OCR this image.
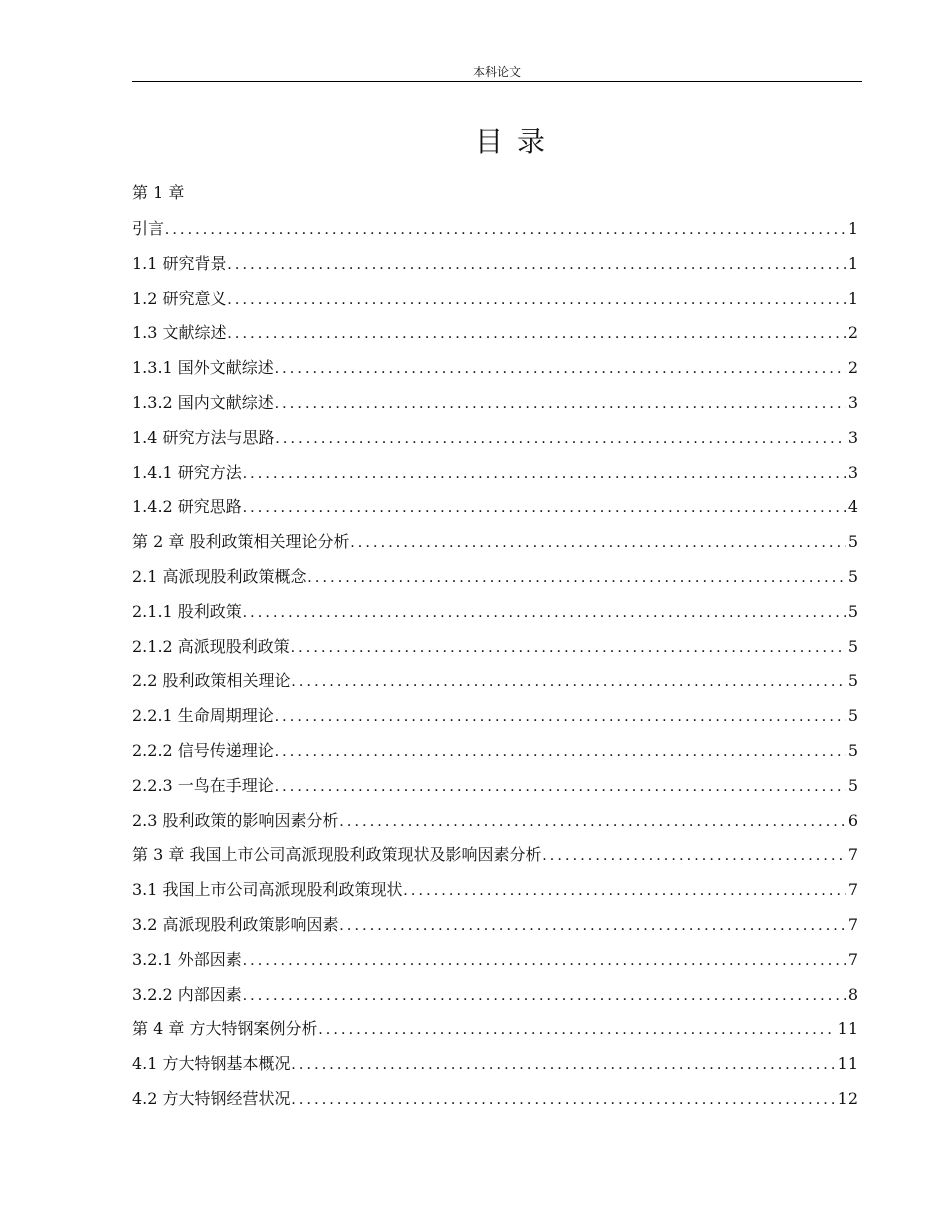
本科论文
目录
第 1 章
引言 .....	1
1.1 研究背景 .....	1
1.2 研究意义 .....	1
1.3 文献综述 .....	2
1.3.1 国外文献综述 .....	2
1.3.2 国内文献综述 .....	3
1.4 研究方法与思路 .....	3
1.4.1 研究方法 .....	3
1.4.2 研究思路 .....	4
第 2 章 股利政策相关理论分析 .....	5
2.1 高派现股利政策概念 .....	5
2.1.1 股利政策 .....	5
2.1.2 高派现股利政策 .....	5
2.2 股利政策相关理论 .....	5
2.2.1 生命周期理论 .....	5
2.2.2 信号传递理论 .....	5
2.2.3 一鸟在手理论 .....	5
2.3 股利政策的影响因素分析 .....	6
第 3 章 我国上市公司高派现股利政策现状及影响因素分析 .....	7
3.1 我国上市公司高派现股利政策现状 .....	7
3.2 高派现股利政策影响因素 .....	7
3.2.1 外部因素 .....	7
3.2.2 内部因素 .....	8
第 4 章 方大特钢案例分析 .....	11
4.1 方大特钢基本概况 .....	11
4.2 方大特钢经营状况 .....	12
